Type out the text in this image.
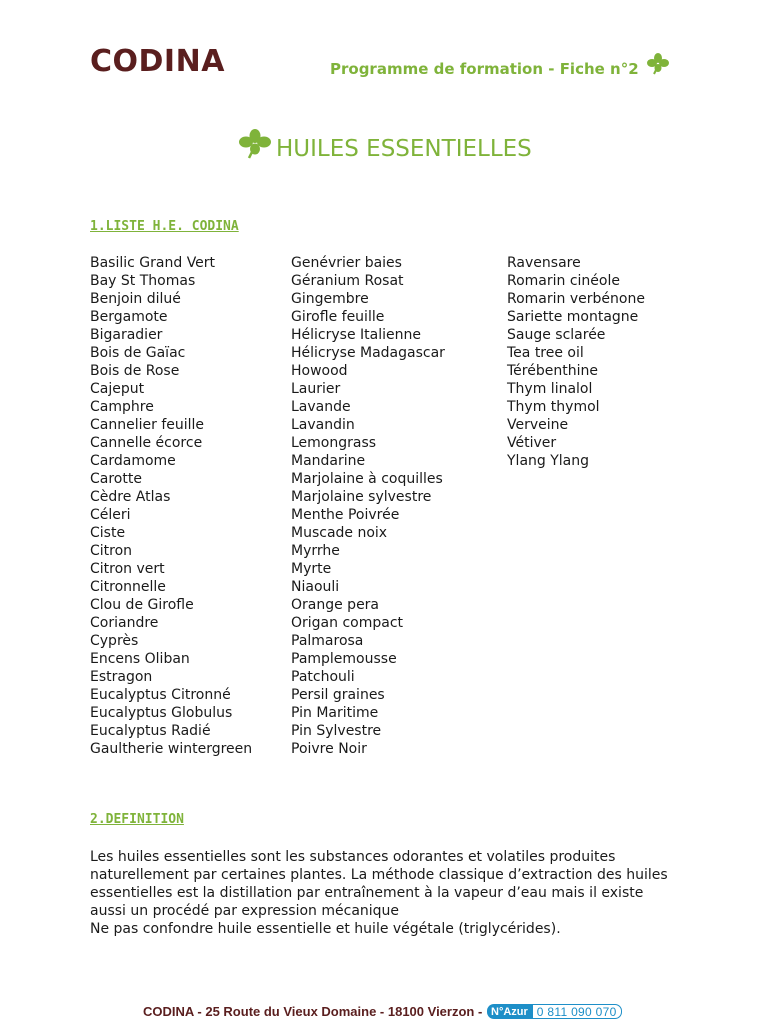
CODINA	Programme de formation - Fiche n°2
HUILES ESSENTIELLES
1.LISTE H.E. CODINA
Basilic Grand Vert
Bay St Thomas
Benjoin dilué
Bergamote
Bigaradier
Bois de Gaïac
Bois de Rose
Cajeput
Camphre
Cannelier feuille
Cannelle écorce
Cardamome
Carotte
Cèdre Atlas
Céleri
Ciste
Citron
Citron vert
Citronnelle
Clou de Girofle
Coriandre
Cyprès
Encens Oliban
Estragon
Eucalyptus Citronné
Eucalyptus Globulus
Eucalyptus Radié
Gaultherie wintergreen
Genévrier baies
Géranium Rosat
Gingembre
Girofle feuille
Hélicryse Italienne
Hélicryse Madagascar
Howood
Laurier
Lavande
Lavandin
Lemongrass
Mandarine
Marjolaine à coquilles
Marjolaine sylvestre
Menthe Poivrée
Muscade noix
Myrrhe
Myrte
Niaouli
Orange pera
Origan compact
Palmarosa
Pamplemousse
Patchouli
Persil graines
Pin Maritime
Pin Sylvestre
Poivre Noir
Ravensare
Romarin cinéole
Romarin verbénone
Sariette montagne
Sauge sclarée
Tea tree oil
Térébenthine
Thym linalol
Thym thymol
Verveine
Vétiver
Ylang Ylang
2.DEFINITION
Les huiles essentielles sont les substances odorantes et volatiles produites
naturellement par certaines plantes. La méthode classique d’extraction des huiles
essentielles est la distillation par entraînement à la vapeur d’eau mais il existe
aussi un procédé par expression mécanique
Ne pas confondre huile essentielle et huile végétale (triglycérides).
CODINA - 25 Route du Vieux Domaine - 18100 Vierzon - N°Azur 0 811 090 070
